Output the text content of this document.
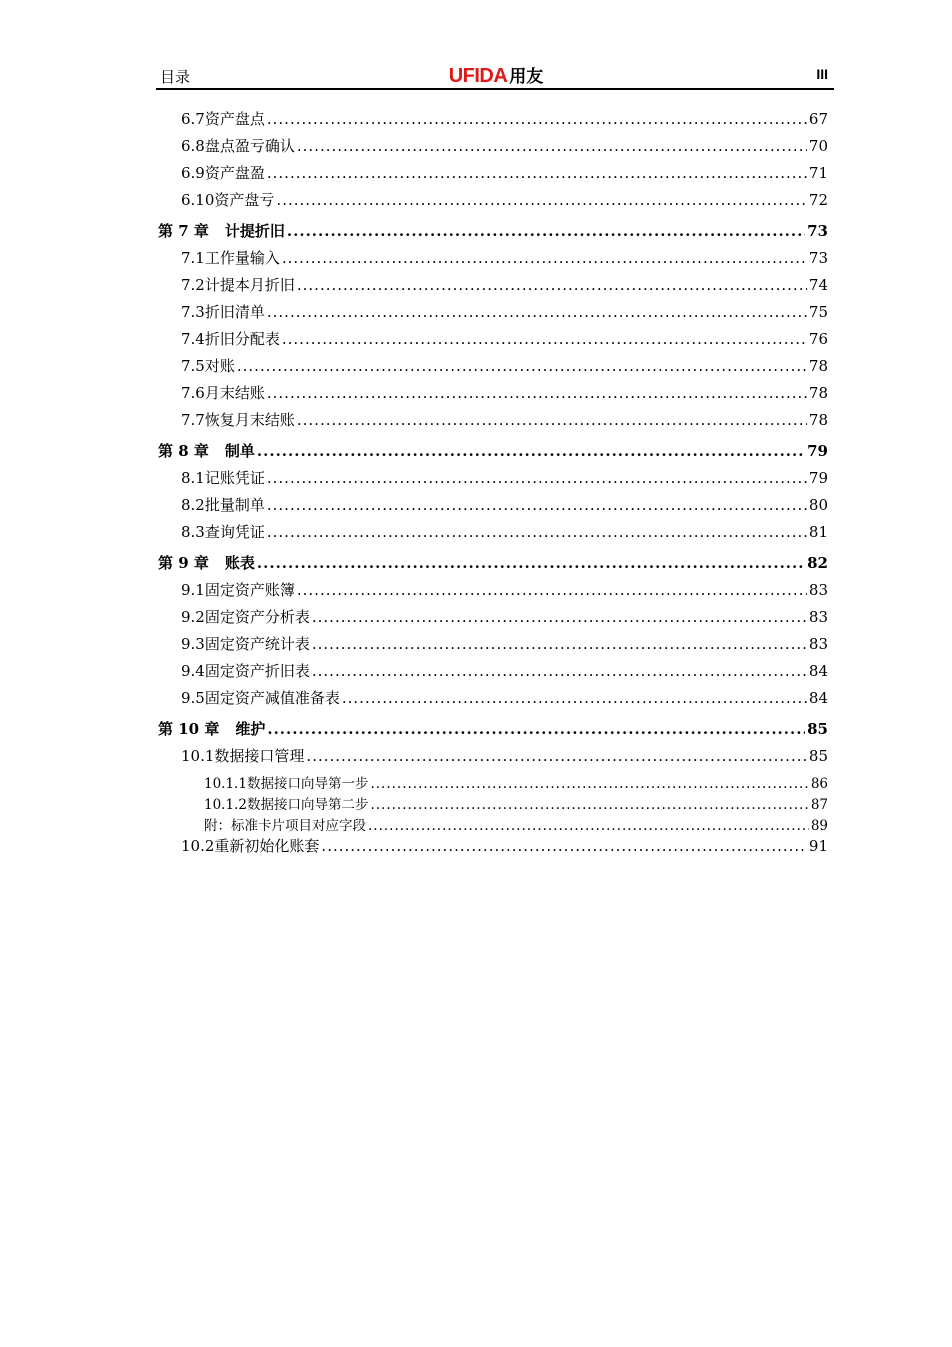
目录	UFIDA 用友	III
6.7 资产盘点 .....	67
6.8 盘点盈亏确认 .....	70
6.9 资产盘盈 .....	71
6.10 资产盘亏 .....	72
第 7 章 计提折旧 .....	73
7.1 工作量输入 .....	73
7.2 计提本月折旧 .....	74
7.3 折旧清单 .....	75
7.4 折旧分配表 .....	76
7.5 对账 .....	78
7.6 月末结账 .....	78
7.7 恢复月末结账 .....	78
第 8 章 制单 .....	79
8.1 记账凭证 .....	79
8.2 批量制单 .....	80
8.3 查询凭证 .....	81
第 9 章 账表 .....	82
9.1 固定资产账簿 .....	83
9.2 固定资产分析表 .....	83
9.3 固定资产统计表 .....	83
9.4 固定资产折旧表 .....	84
9.5 固定资产减值准备表 .....	84
第 10 章 维护 .....	85
10.1 数据接口管理 .....	85
10.1.1 数据接口向导第一步 .....	86
10.1.2 数据接口向导第二步 .....	87
附：标准卡片项目对应字段 .....	89
10.2 重新初始化账套 .....	91
